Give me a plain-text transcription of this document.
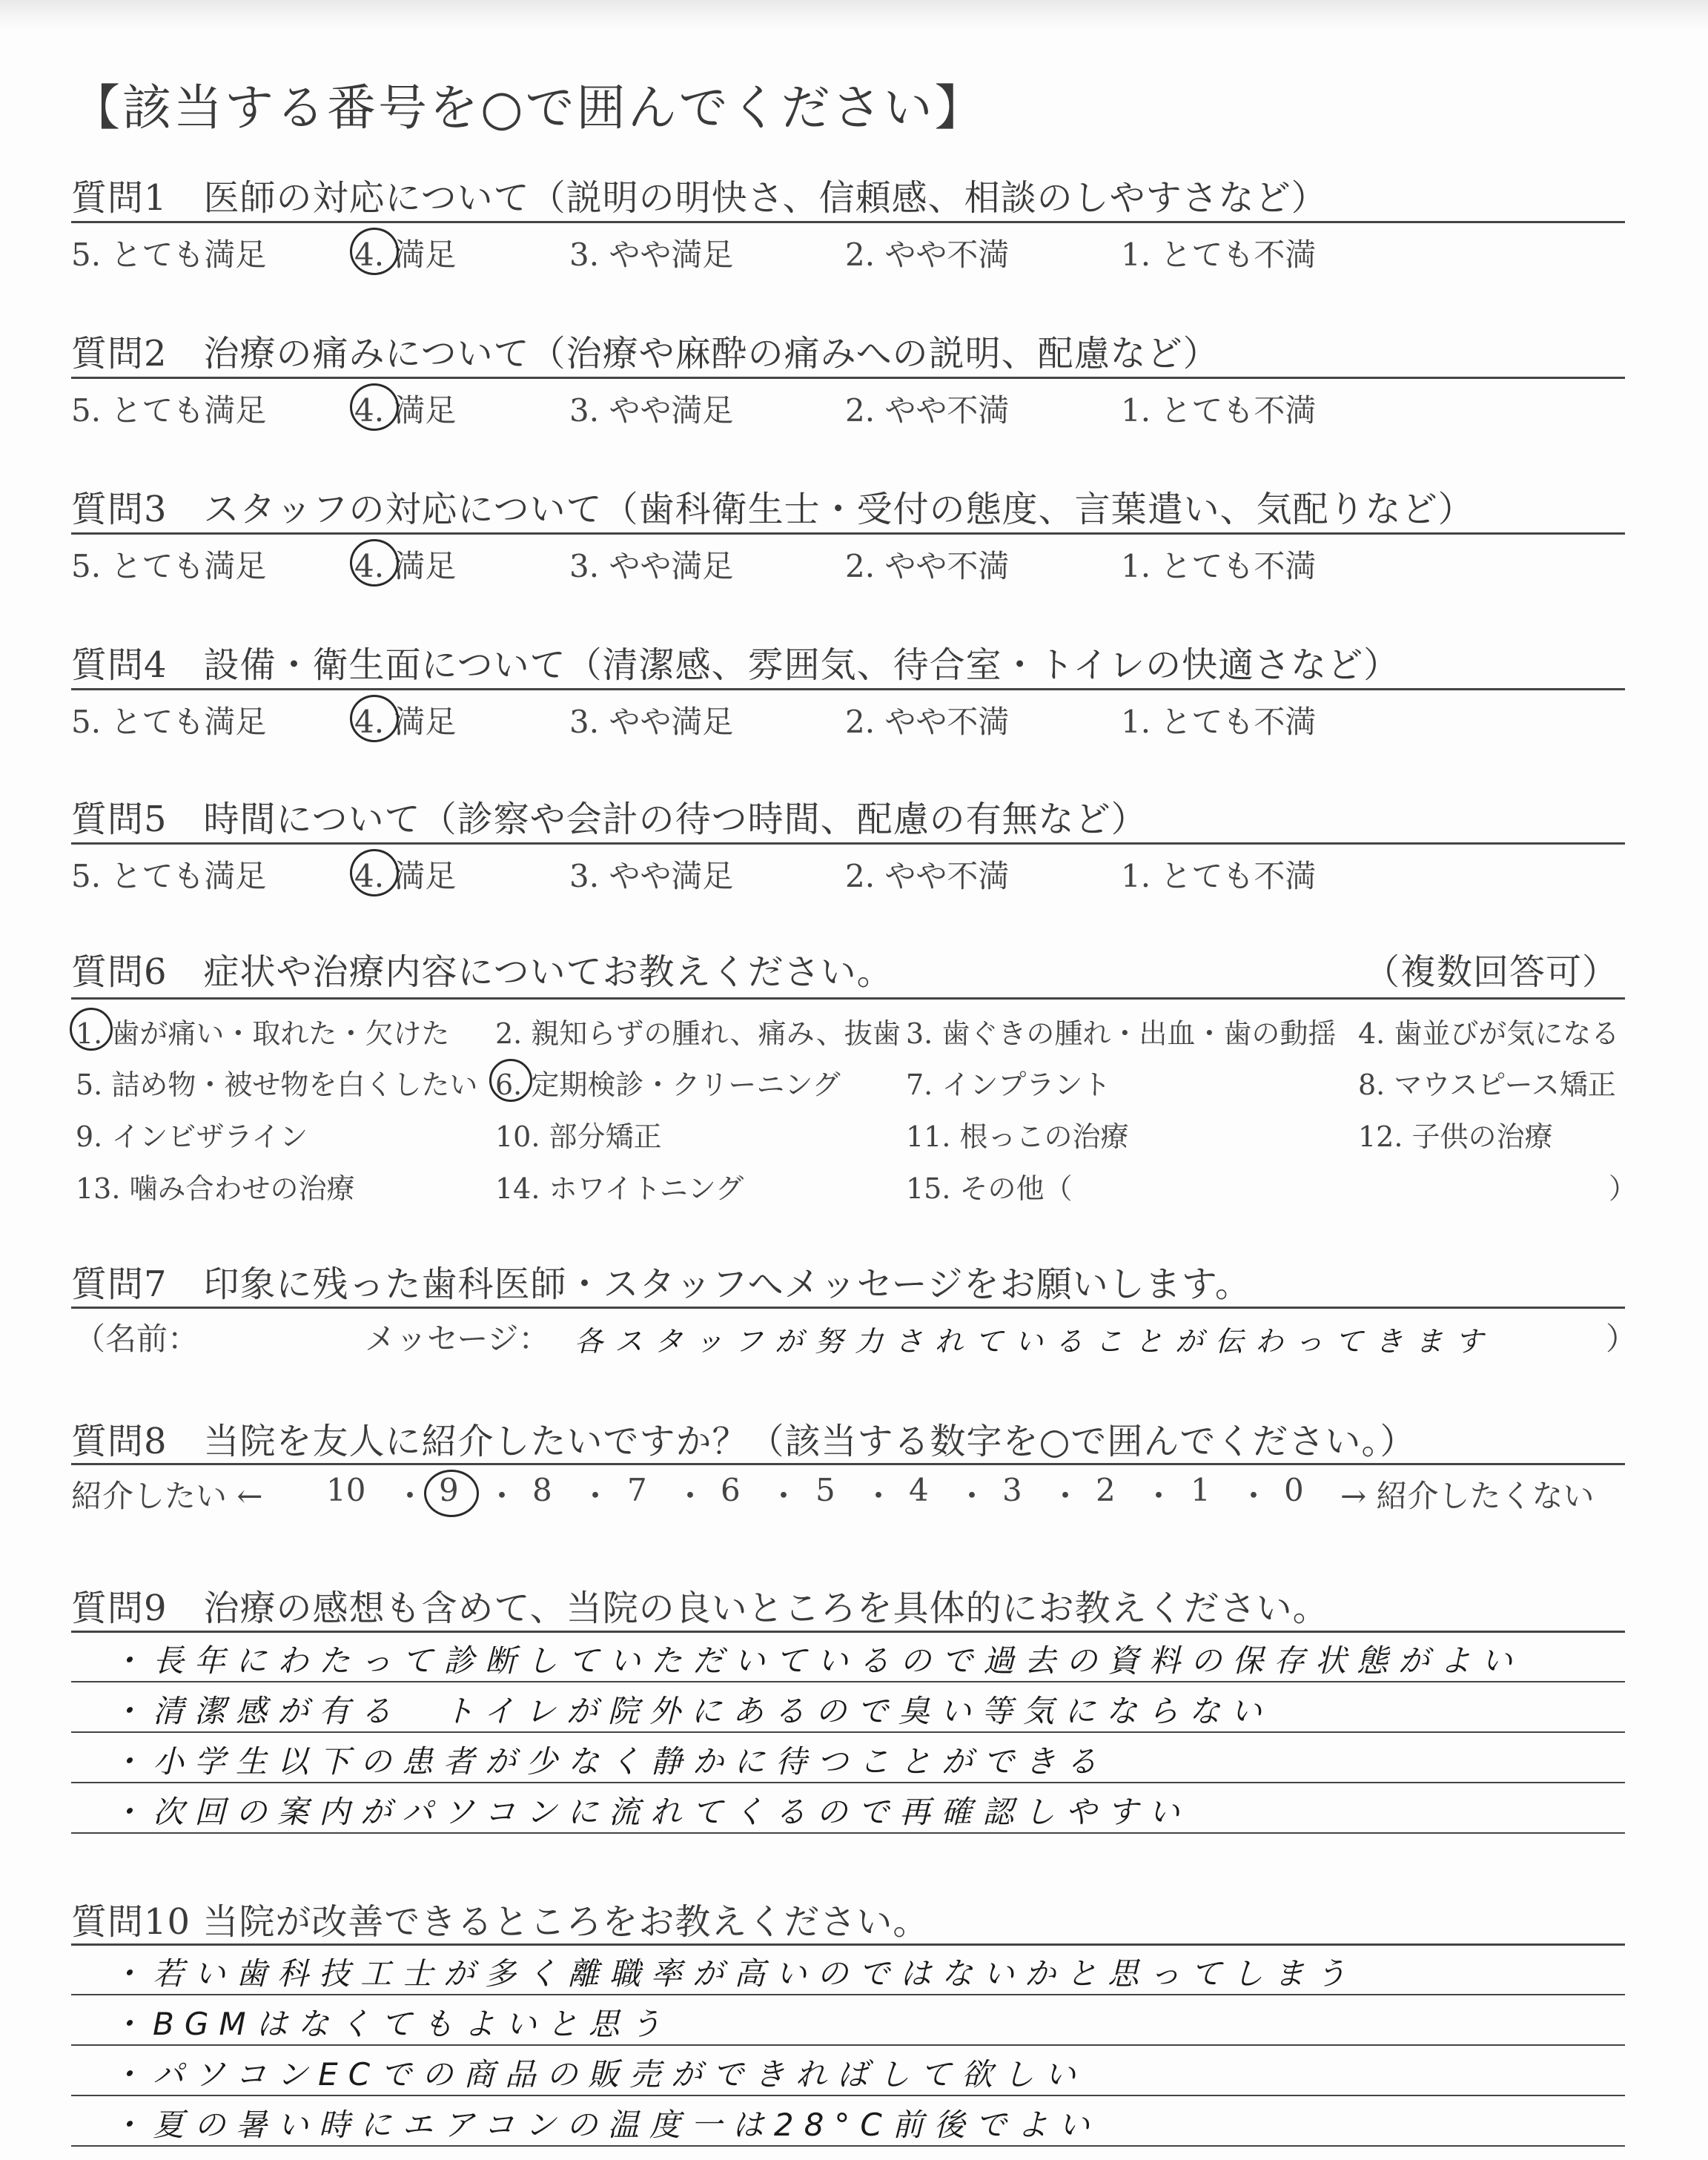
【該当する番号を○で囲んでください】
質問1　医師の対応について（説明の明快さ、信頼感、相談のしやすさなど）
5. とても満足	4. 満足	3. やや満足	2. やや不満	1. とても不満
質問2　治療の痛みについて（治療や麻酔の痛みへの説明、配慮など）
5. とても満足	4. 満足	3. やや満足	2. やや不満	1. とても不満
質問3　スタッフの対応について（歯科衛生士・受付の態度、言葉遣い、気配りなど）
5. とても満足	4. 満足	3. やや満足	2. やや不満	1. とても不満
質問4　設備・衛生面について（清潔感、雰囲気、待合室・トイレの快適さなど）
5. とても満足	4. 満足	3. やや満足	2. やや不満	1. とても不満
質問5　時間について（診察や会計の待つ時間、配慮の有無など）
5. とても満足	4. 満足	3. やや満足	2. やや不満	1. とても不満
質問6　症状や治療内容についてお教えください。	（複数回答可）
1. 歯が痛い・取れた・欠けた 2. 親知らずの腫れ、痛み、抜歯 3. 歯ぐきの腫れ・出血・歯の動揺 4. 歯並びが気になる
5. 詰め物・被せ物を白くしたい 6. 定期検診・クリーニング 7. インプラント	8. マウスピース矯正
9. インビザライン	10. 部分矯正	11. 根っこの治療	12. 子供の治療
13. 噛み合わせの治療	14. ホワイトニング	15. その他（	）
質問7　印象に残った歯科医師・スタッフへメッセージをお願いします。
（名前：	メッセージ： 各スタッフが努力されていることが伝わってきます	）
質問8　当院を友人に紹介したいですか？（該当する数字を○で囲んでください。）
紹介したい ← 10 ・ 9 ・ 8 ・ 7 ・ 6 ・ 5 ・ 4 ・ 3 ・ 2 ・ 1 ・ 0 → 紹介したくない
質問9　治療の感想も含めて、当院の良いところを具体的にお教えください。
・長年にわたって診断していただいているので過去の資料の保存状態がよい
・清潔感が有る　トイレが院外にあるので臭い等気にならない
・小学生以下の患者が少なく静かに待つことができる
・次回の案内がパソコンに流れてくるので再確認しやすい
質問10 当院が改善できるところをお教えください。
・若い歯科技工士が多く離職率が高いのではないかと思ってしまう
・BGMはなくてもよいと思う
・パソコンECでの商品の販売ができればして欲しい
・夏の暑い時にエアコンの温度一は28°C前後でよい
